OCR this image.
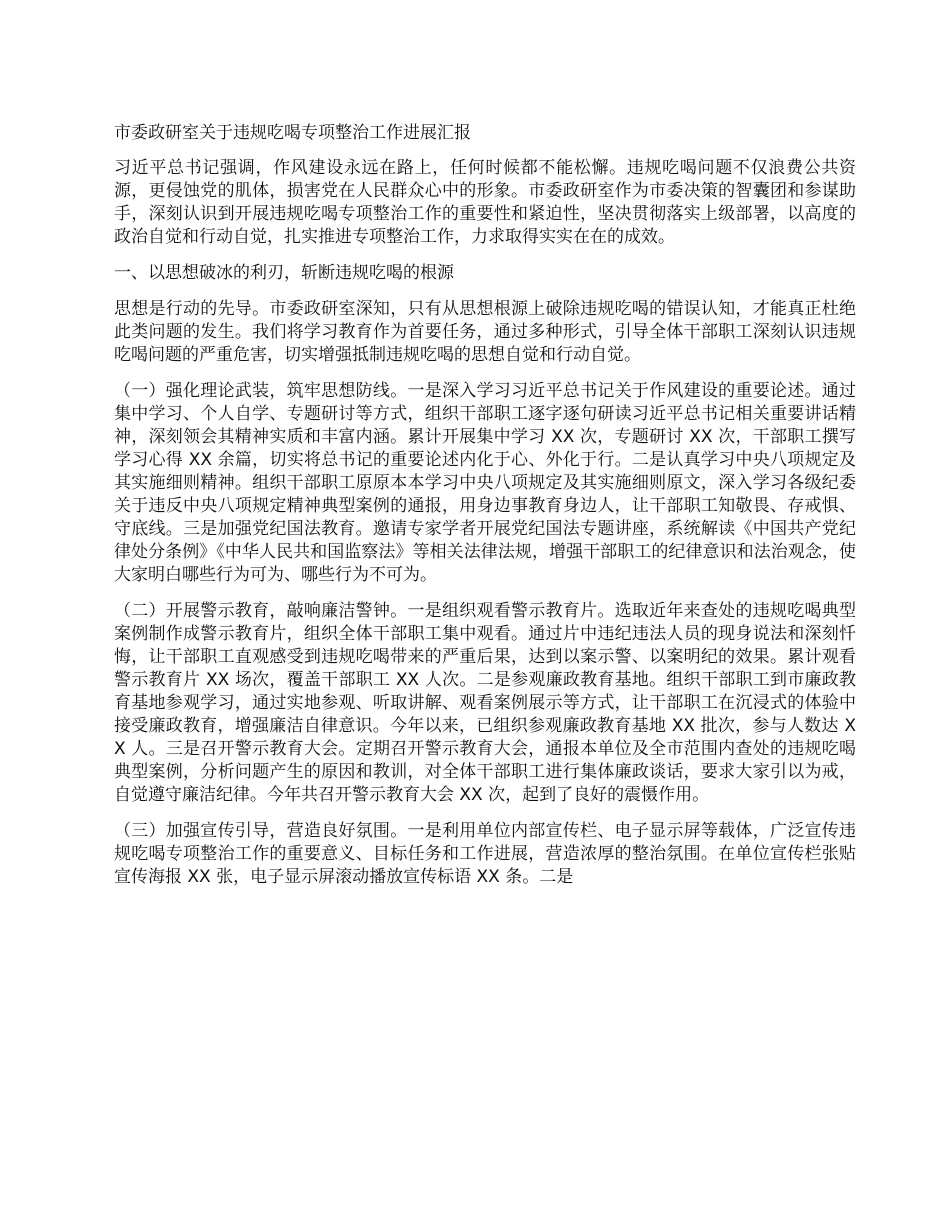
市委政研室关于违规吃喝专项整治工作进展汇报

习近平总书记强调，作风建设永远在路上，任何时候都不能松懈。违规吃喝问题不仅浪费公共资源，更侵蚀党的肌体，损害党在人民群众心中的形象。市委政研室作为市委决策的智囊团和参谋助手，深刻认识到开展违规吃喝专项整治工作的重要性和紧迫性，坚决贯彻落实上级部署，以高度的政治自觉和行动自觉，扎实推进专项整治工作，力求取得实实在在的成效。

一、以思想破冰的利刃，斩断违规吃喝的根源

思想是行动的先导。市委政研室深知，只有从思想根源上破除违规吃喝的错误认知，才能真正杜绝此类问题的发生。我们将学习教育作为首要任务，通过多种形式，引导全体干部职工深刻认识违规吃喝问题的严重危害，切实增强抵制违规吃喝的思想自觉和行动自觉。

（一）强化理论武装，筑牢思想防线。一是深入学习习近平总书记关于作风建设的重要论述。通过集中学习、个人自学、专题研讨等方式，组织干部职工逐字逐句研读习近平总书记相关重要讲话精神，深刻领会其精神实质和丰富内涵。累计开展集中学习 XX 次，专题研讨 XX 次，干部职工撰写学习心得 XX 余篇，切实将总书记的重要论述内化于心、外化于行。二是认真学习中央八项规定及其实施细则精神。组织干部职工原原本本学习中央八项规定及其实施细则原文，深入学习各级纪委关于违反中央八项规定精神典型案例的通报，用身边事教育身边人，让干部职工知敬畏、存戒惧、守底线。三是加强党纪国法教育。邀请专家学者开展党纪国法专题讲座，系统解读《中国共产党纪律处分条例》《中华人民共和国监察法》等相关法律法规，增强干部职工的纪律意识和法治观念，使大家明白哪些行为可为、哪些行为不可为。

（二）开展警示教育，敲响廉洁警钟。一是组织观看警示教育片。选取近年来查处的违规吃喝典型案例制作成警示教育片，组织全体干部职工集中观看。通过片中违纪违法人员的现身说法和深刻忏悔，让干部职工直观感受到违规吃喝带来的严重后果，达到以案示警、以案明纪的效果。累计观看警示教育片 XX 场次，覆盖干部职工 XX 人次。二是参观廉政教育基地。组织干部职工到市廉政教育基地参观学习，通过实地参观、听取讲解、观看案例展示等方式，让干部职工在沉浸式的体验中接受廉政教育，增强廉洁自律意识。今年以来，已组织参观廉政教育基地 XX 批次，参与人数达 XX 人。三是召开警示教育大会。定期召开警示教育大会，通报本单位及全市范围内查处的违规吃喝典型案例，分析问题产生的原因和教训，对全体干部职工进行集体廉政谈话，要求大家引以为戒，自觉遵守廉洁纪律。今年共召开警示教育大会 XX 次，起到了良好的震慑作用。

（三）加强宣传引导，营造良好氛围。一是利用单位内部宣传栏、电子显示屏等载体，广泛宣传违规吃喝专项整治工作的重要意义、目标任务和工作进展，营造浓厚的整治氛围。在单位宣传栏张贴宣传海报 XX 张，电子显示屏滚动播放宣传标语 XX 条。二是
